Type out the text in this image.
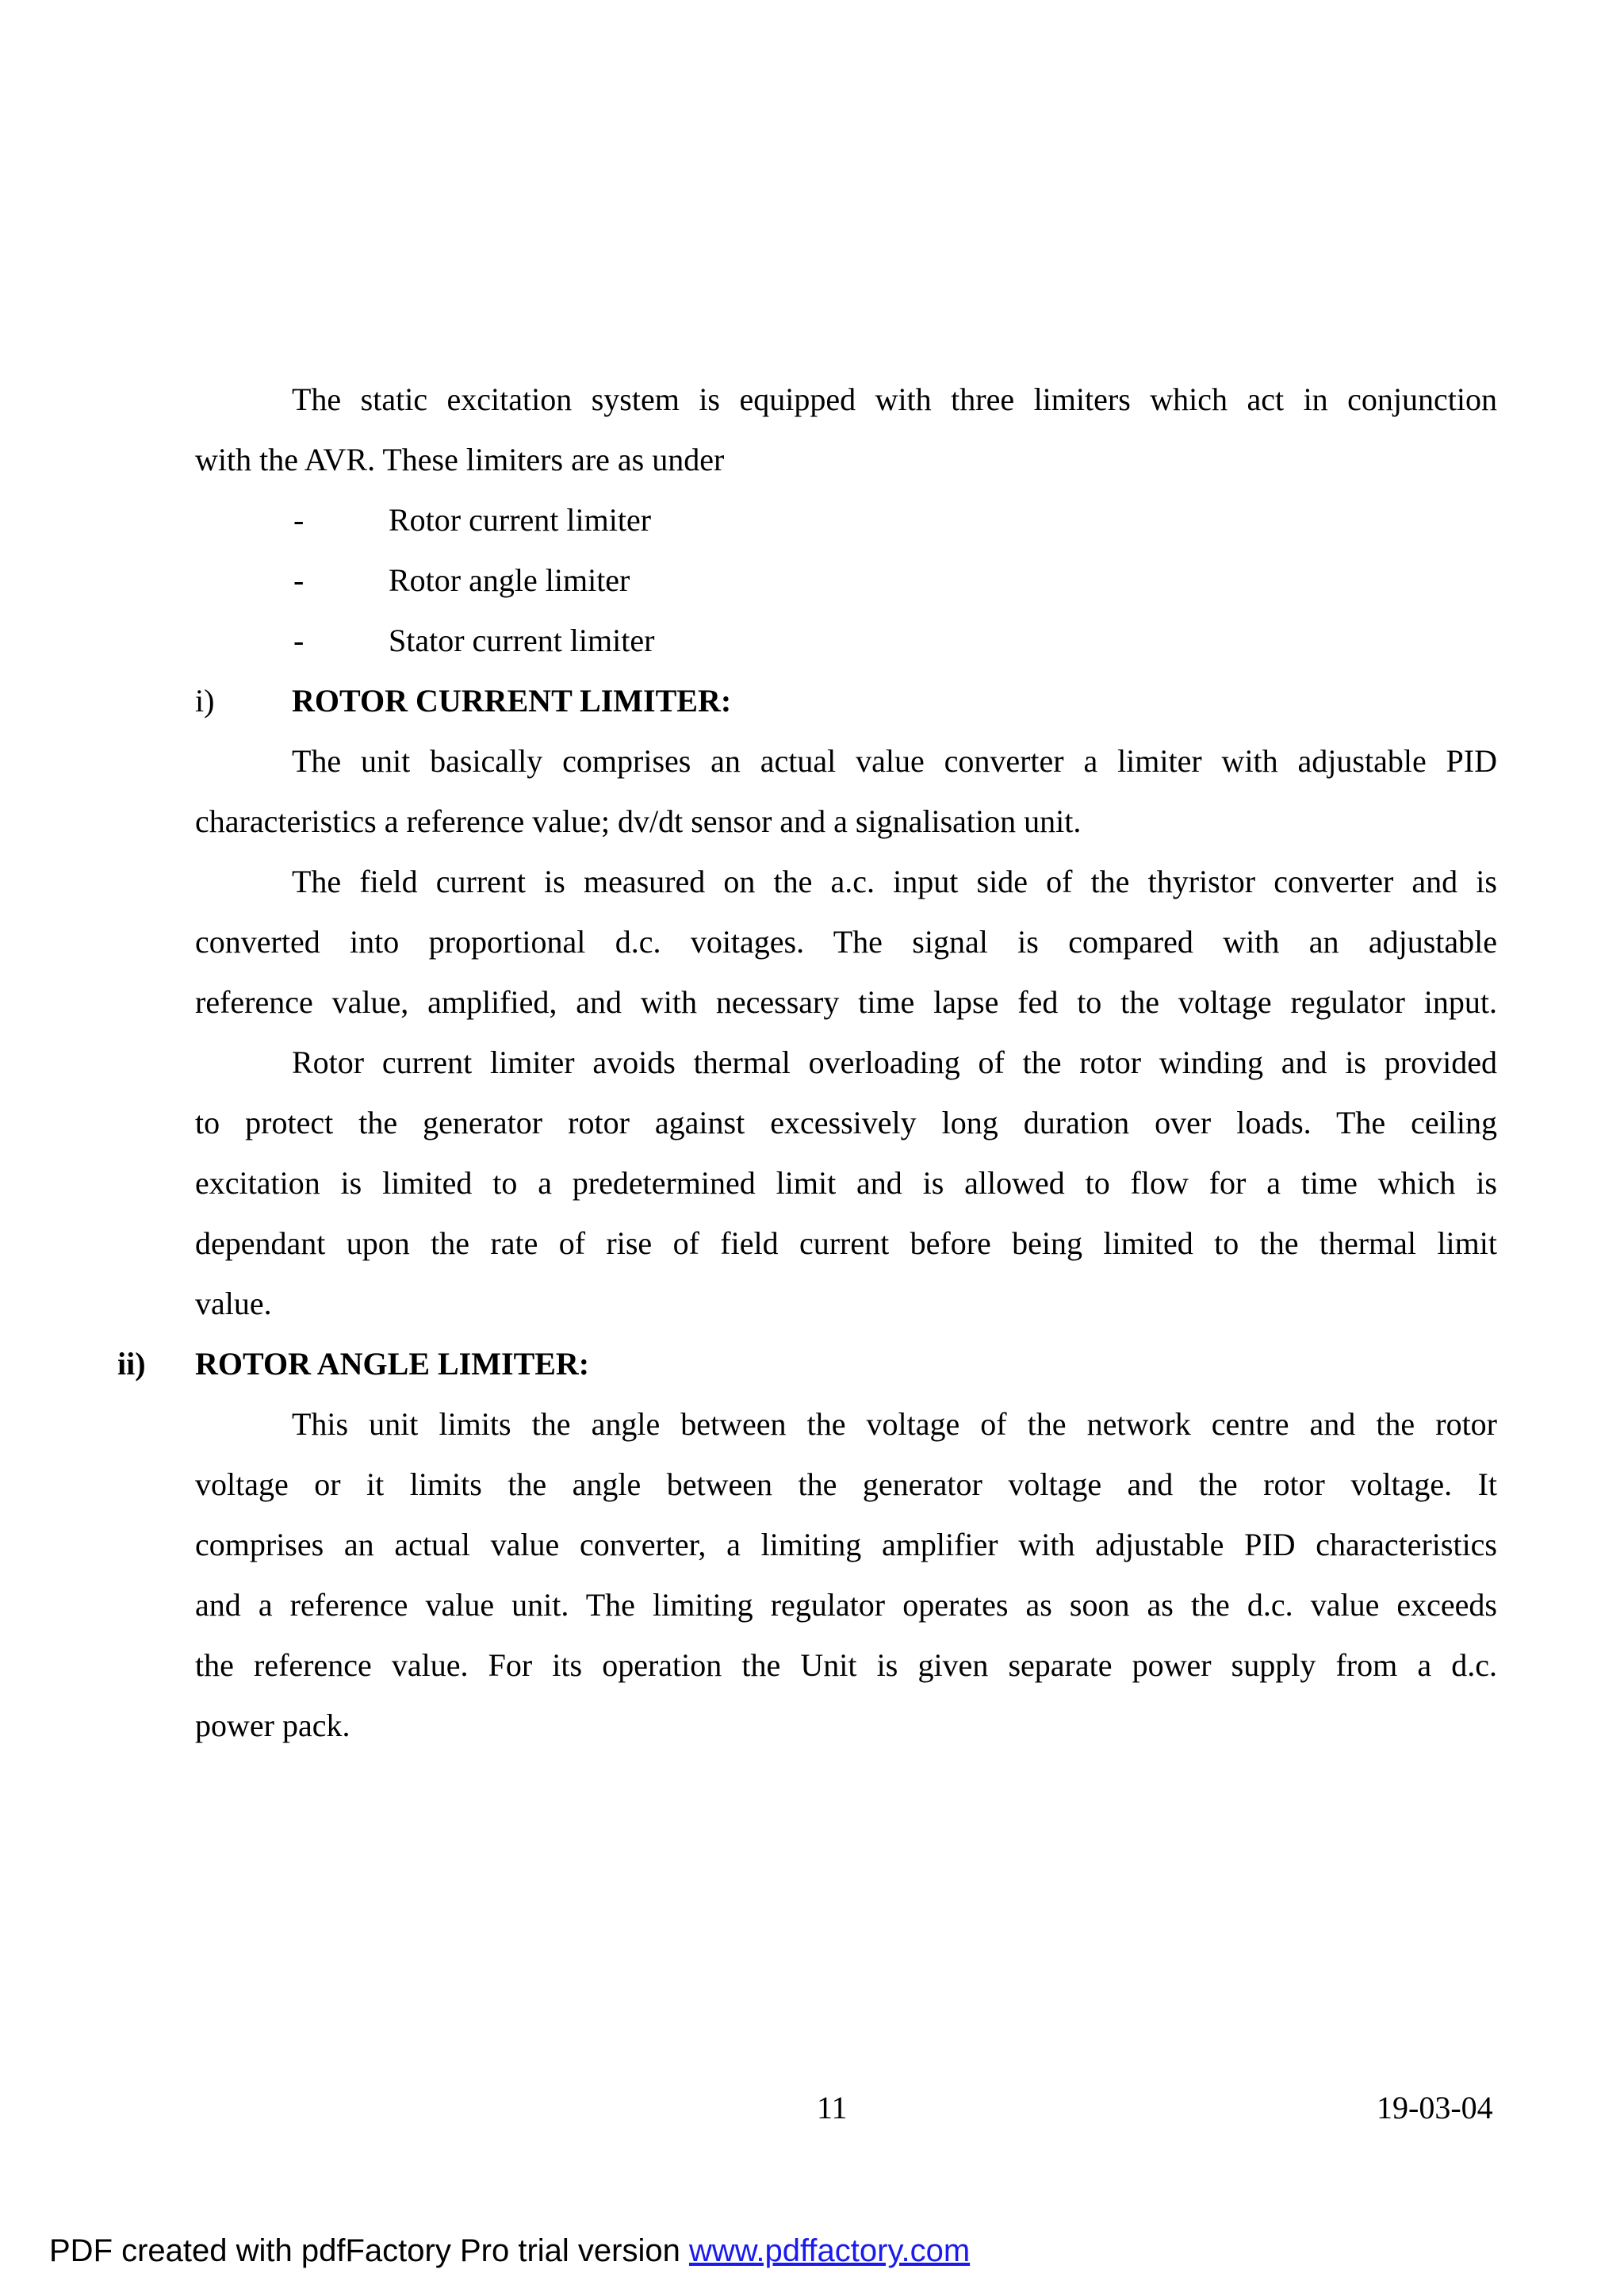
The static excitation system is equipped with three limiters which act in conjunction
with the AVR. These limiters are as under
-	Rotor current limiter
-	Rotor angle limiter
-	Stator current limiter
i) ROTOR CURRENT LIMITER:
The unit basically comprises an actual value converter a limiter with adjustable PID
characteristics a reference value; dv/dt sensor and a signalisation unit.
The field current is measured on the a.c. input side of the thyristor converter and is
converted into proportional d.c. voitages. The signal is compared with an adjustable
reference value, amplified, and with necessary time lapse fed to the voltage regulator input.
Rotor current limiter avoids thermal overloading of the rotor winding and is provided
to protect the generator rotor against excessively long duration over loads. The ceiling
excitation is limited to a predetermined limit and is allowed to flow for a time which is
dependant upon the rate of rise of field current before being limited to the thermal limit
value.
ii) ROTOR ANGLE LIMITER:
This unit limits the angle between the voltage of the network centre and the rotor
voltage or it limits the angle between the generator voltage and the rotor voltage. It
comprises an actual value converter, a limiting amplifier with adjustable PID characteristics
and a reference value unit. The limiting regulator operates as soon as the d.c. value exceeds
the reference value. For its operation the Unit is given separate power supply from a d.c.
power pack.
11	19-03-04
PDF created with pdfFactory Pro trial version www.pdffactory.com
